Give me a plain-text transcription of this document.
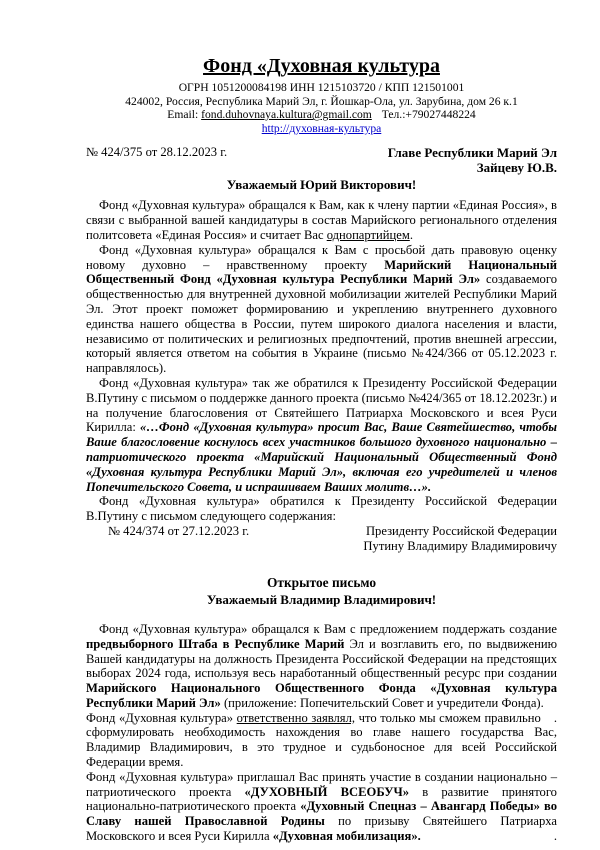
Фонд «Духовная культура
ОГРН 1051200084198 ИНН 1215103720 / КПП 121501001
424002, Россия, Республика Марий Эл, г. Йошкар-Ола, ул. Зарубина, дом 26 к.1
Email: fond.duhovnaya.kultura@gmail.com Тел.:+79027448224
http://духовная-культура
№ 424/375 от 28.12.2023 г.	Главе Республики Марий Эл
Зайцеву Ю.В.
Уважаемый Юрий Викторович!

Фонд «Духовная культура» обращался к Вам, как к члену партии «Единая Россия», в связи с выбранной вашей кандидатуры в состав Марийского регионального отделения политсовета «Единая Россия» и считает Вас однопартийцем.

Фонд «Духовная культура» обращался к Вам с просьбой дать правовую оценку новому духовно – нравственному проекту Марийский Национальный Общественный Фонд «Духовная культура Республики Марий Эл» создаваемого общественностью для внутренней духовной мобилизации жителей Республики Марий Эл. Этот проект поможет формированию и укреплению внутреннего духовного единства нашего общества в России, путем широкого диалога населения и власти, независимо от политических и религиозных предпочтений, против внешней агрессии, который является ответом на события в Украине (письмо №424/366 от 05.12.2023 г. направлялось).

Фонд «Духовная культура» так же обратился к Президенту Российской Федерации В.Путину с письмом о поддержке данного проекта (письмо №424/365 от 18.12.2023г.) и на получение благословения от Святейшего Патриарха Московского и всея Руси Кирилла: «…Фонд «Духовная культура» просит Вас, Ваше Святейшество, чтобы Ваше благословение коснулось всех участников большого духовного национально – патриотического проекта «Марийский Национальный Общественный Фонд «Духовная культура Республики Марий Эл», включая его учредителей и членов Попечительского Совета, и испрашиваем Ваших молитв…».

Фонд «Духовная культура» обратился к Президенту Российской Федерации В.Путину с письмом следующего содержания:

№ 424/374 от 27.12.2023 г.	Президенту Российской Федерации
Путину Владимиру Владимировичу
Открытое письмо
Уважаемый Владимир Владимирович!

Фонд «Духовная культура» обращался к Вам с предложением поддержать создание предвыборного Штаба в Республике Марий Эл и возглавить его, по выдвижению Вашей кандидатуры на должность Президента Российской Федерации на предстоящих выборах 2024 года, используя весь наработанный общественный ресурс при создании Марийского Национального Общественного Фонда «Духовная культура Республики Марий Эл» (приложение: Попечительский Совет и учредители Фонда).
.

Фонд «Духовная культура» ответственно заявлял, что только мы сможем правильно сформулировать необходимость нахождения во главе нашего государства Вас, Владимир Владимирович, в это трудное и судьбоносное для всей Российской Федерации время.

Фонд «Духовная культура» приглашал Вас принять участие в создании национально – патриотического проекта «ДУХОВНЫЙ ВСЕОБУЧ» в развитие принятого национально-патриотического проекта «Духовный Спецназ – Авангард Победы» во Славу нашей Православной Родины по призыву Святейшего Патриарха Московского и всея Руси Кирилла «Духовная мобилизация».	.
